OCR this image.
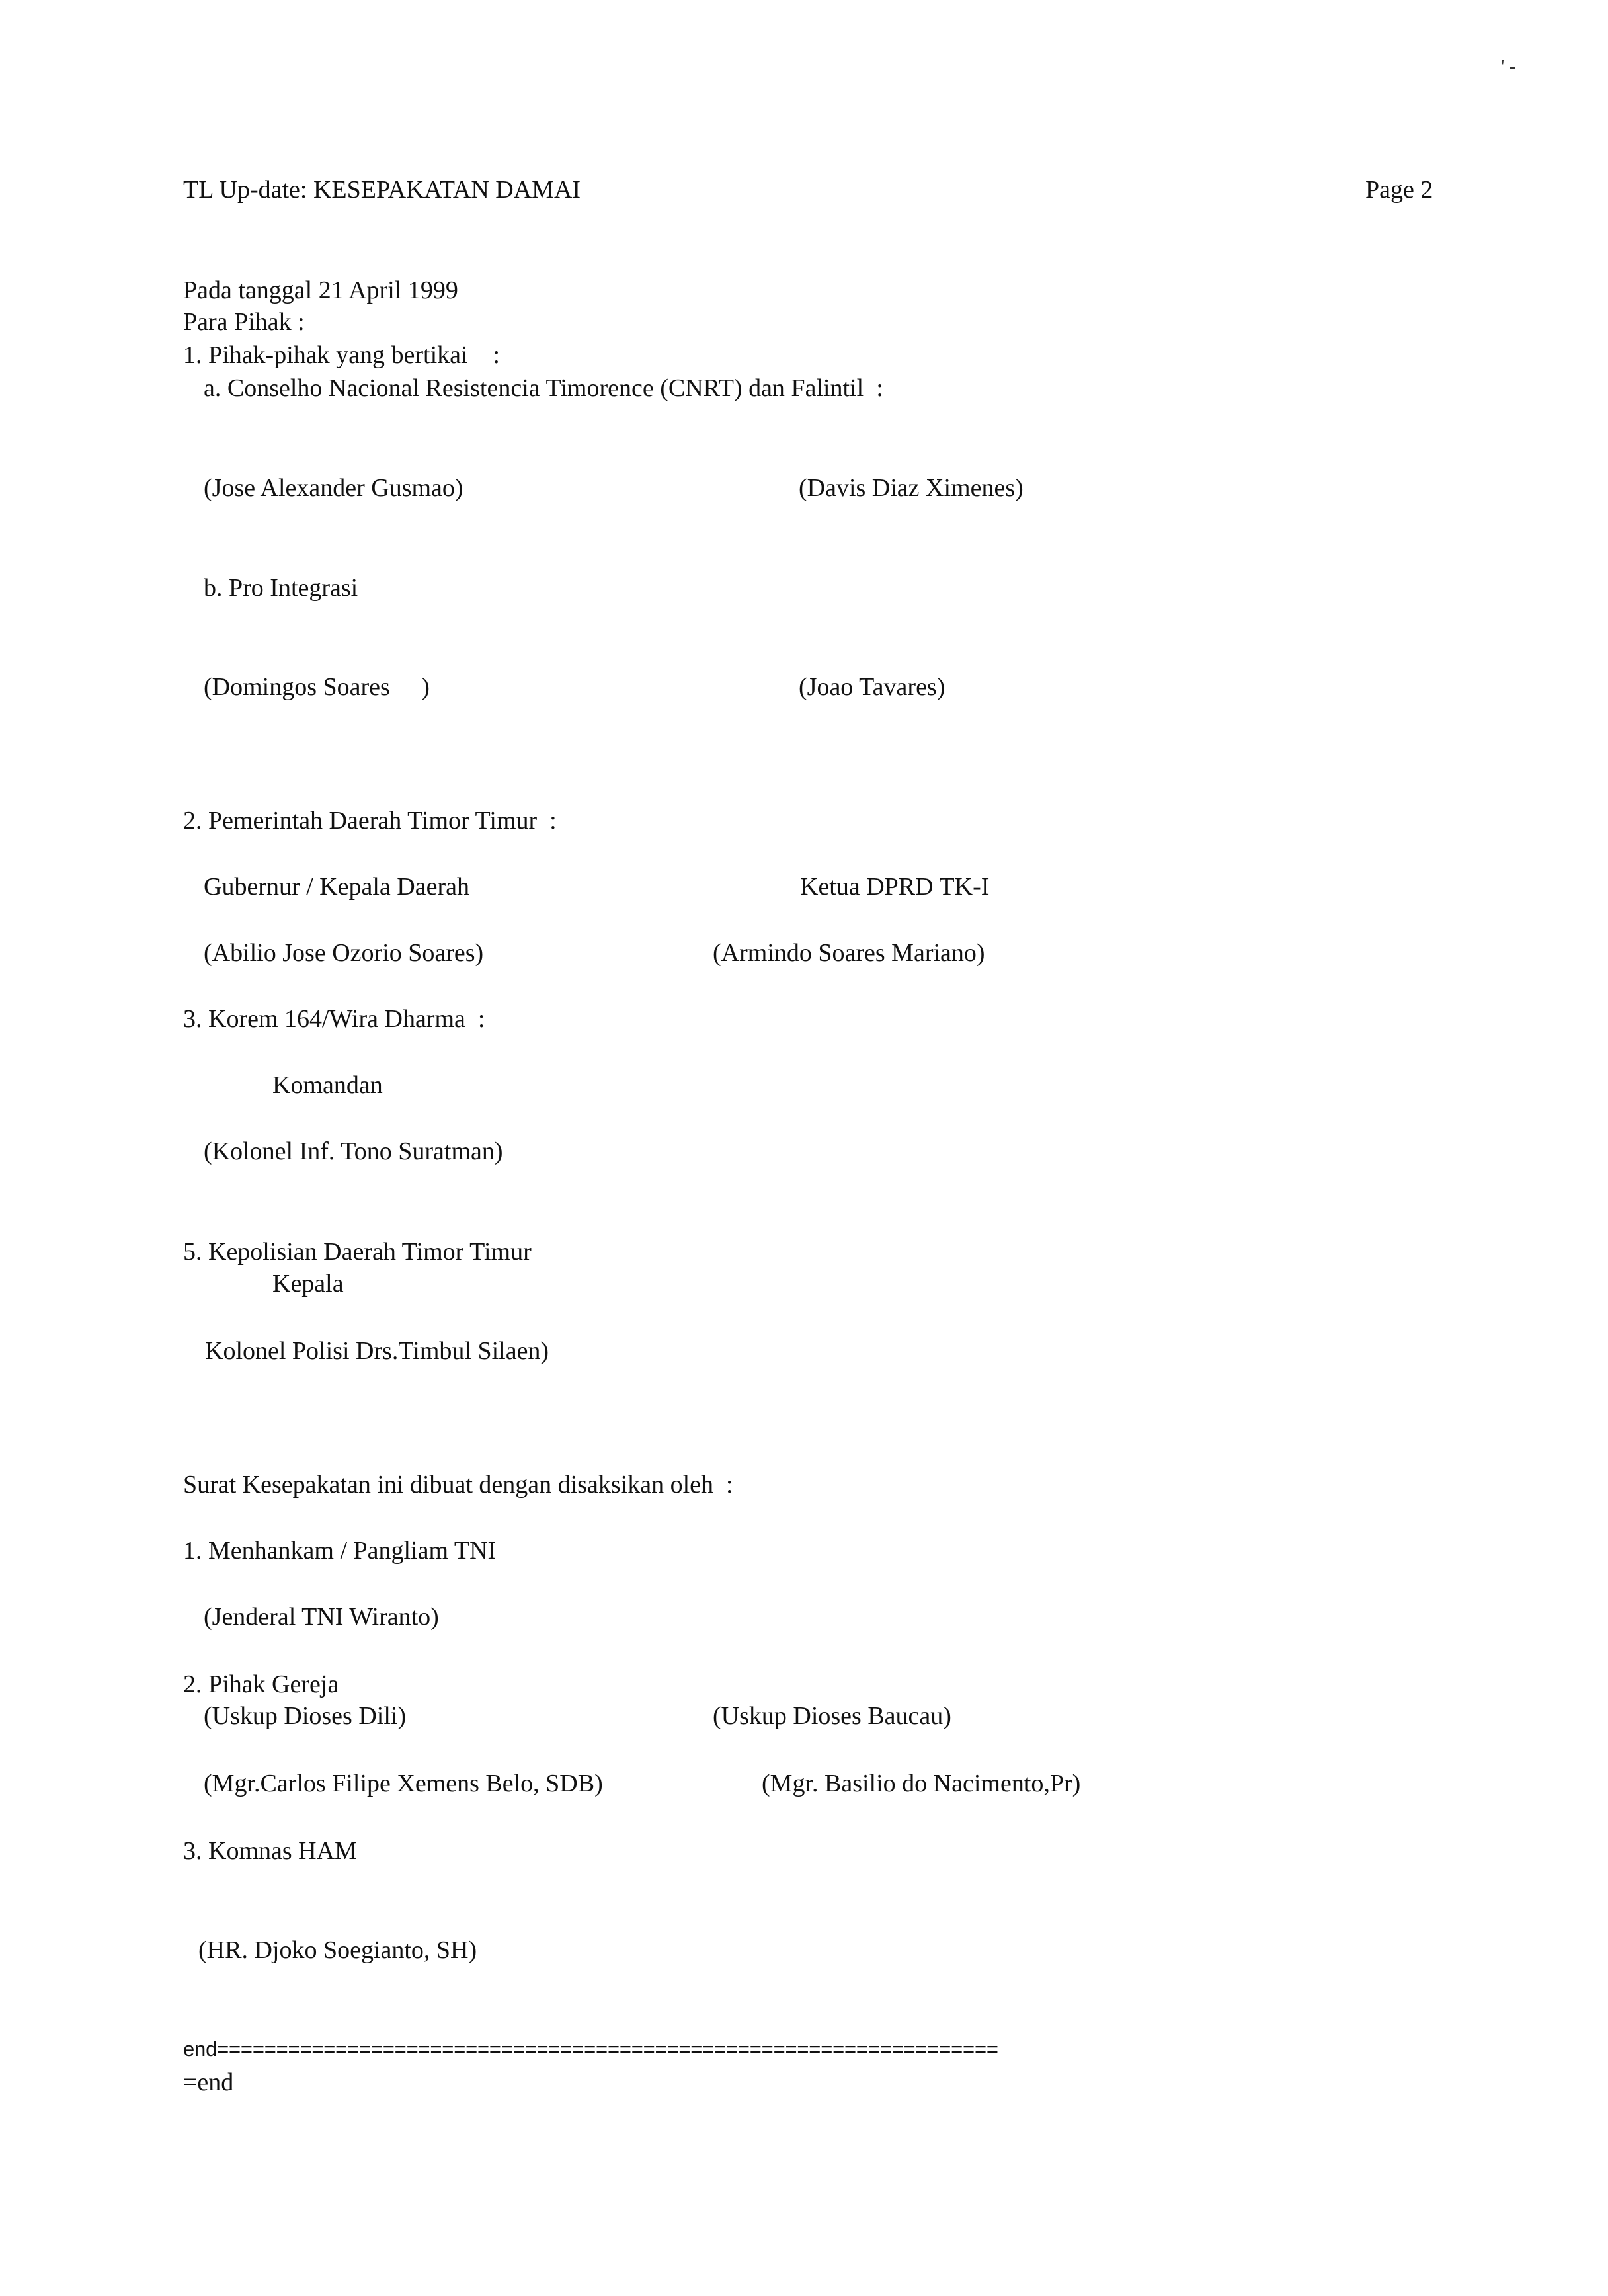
' -

TL Up-date: KESEPAKATAN DAMAI	Page 2

Pada tanggal 21 April 1999

Para Pihak :

1. Pihak-pihak yang bertikai    :

a. Conselho Nacional Resistencia Timorence (CNRT) dan Falintil  :

(Jose Alexander Gusmao)	(Davis Diaz Ximenes)

b. Pro Integrasi

(Domingos Soares     )	(Joao Tavares)

2. Pemerintah Daerah Timor Timur  :

Gubernur / Kepala Daerah	Ketua DPRD TK-I

(Abilio Jose Ozorio Soares)	(Armindo Soares Mariano)

3. Korem 164/Wira Dharma  :

Komandan

(Kolonel Inf. Tono Suratman)

5. Kepolisian Daerah Timor Timur

Kepala

Kolonel Polisi Drs.Timbul Silaen)

Surat Kesepakatan ini dibuat dengan disaksikan oleh  :

1. Menhankam / Pangliam TNI

(Jenderal TNI Wiranto)

2. Pihak Gereja

(Uskup Dioses Dili)	(Uskup Dioses Baucau)

(Mgr.Carlos Filipe Xemens Belo, SDB)	(Mgr. Basilio do Nacimento,Pr)

3. Komnas HAM

(HR. Djoko Soegianto, SH)

end==================================================================

=end
